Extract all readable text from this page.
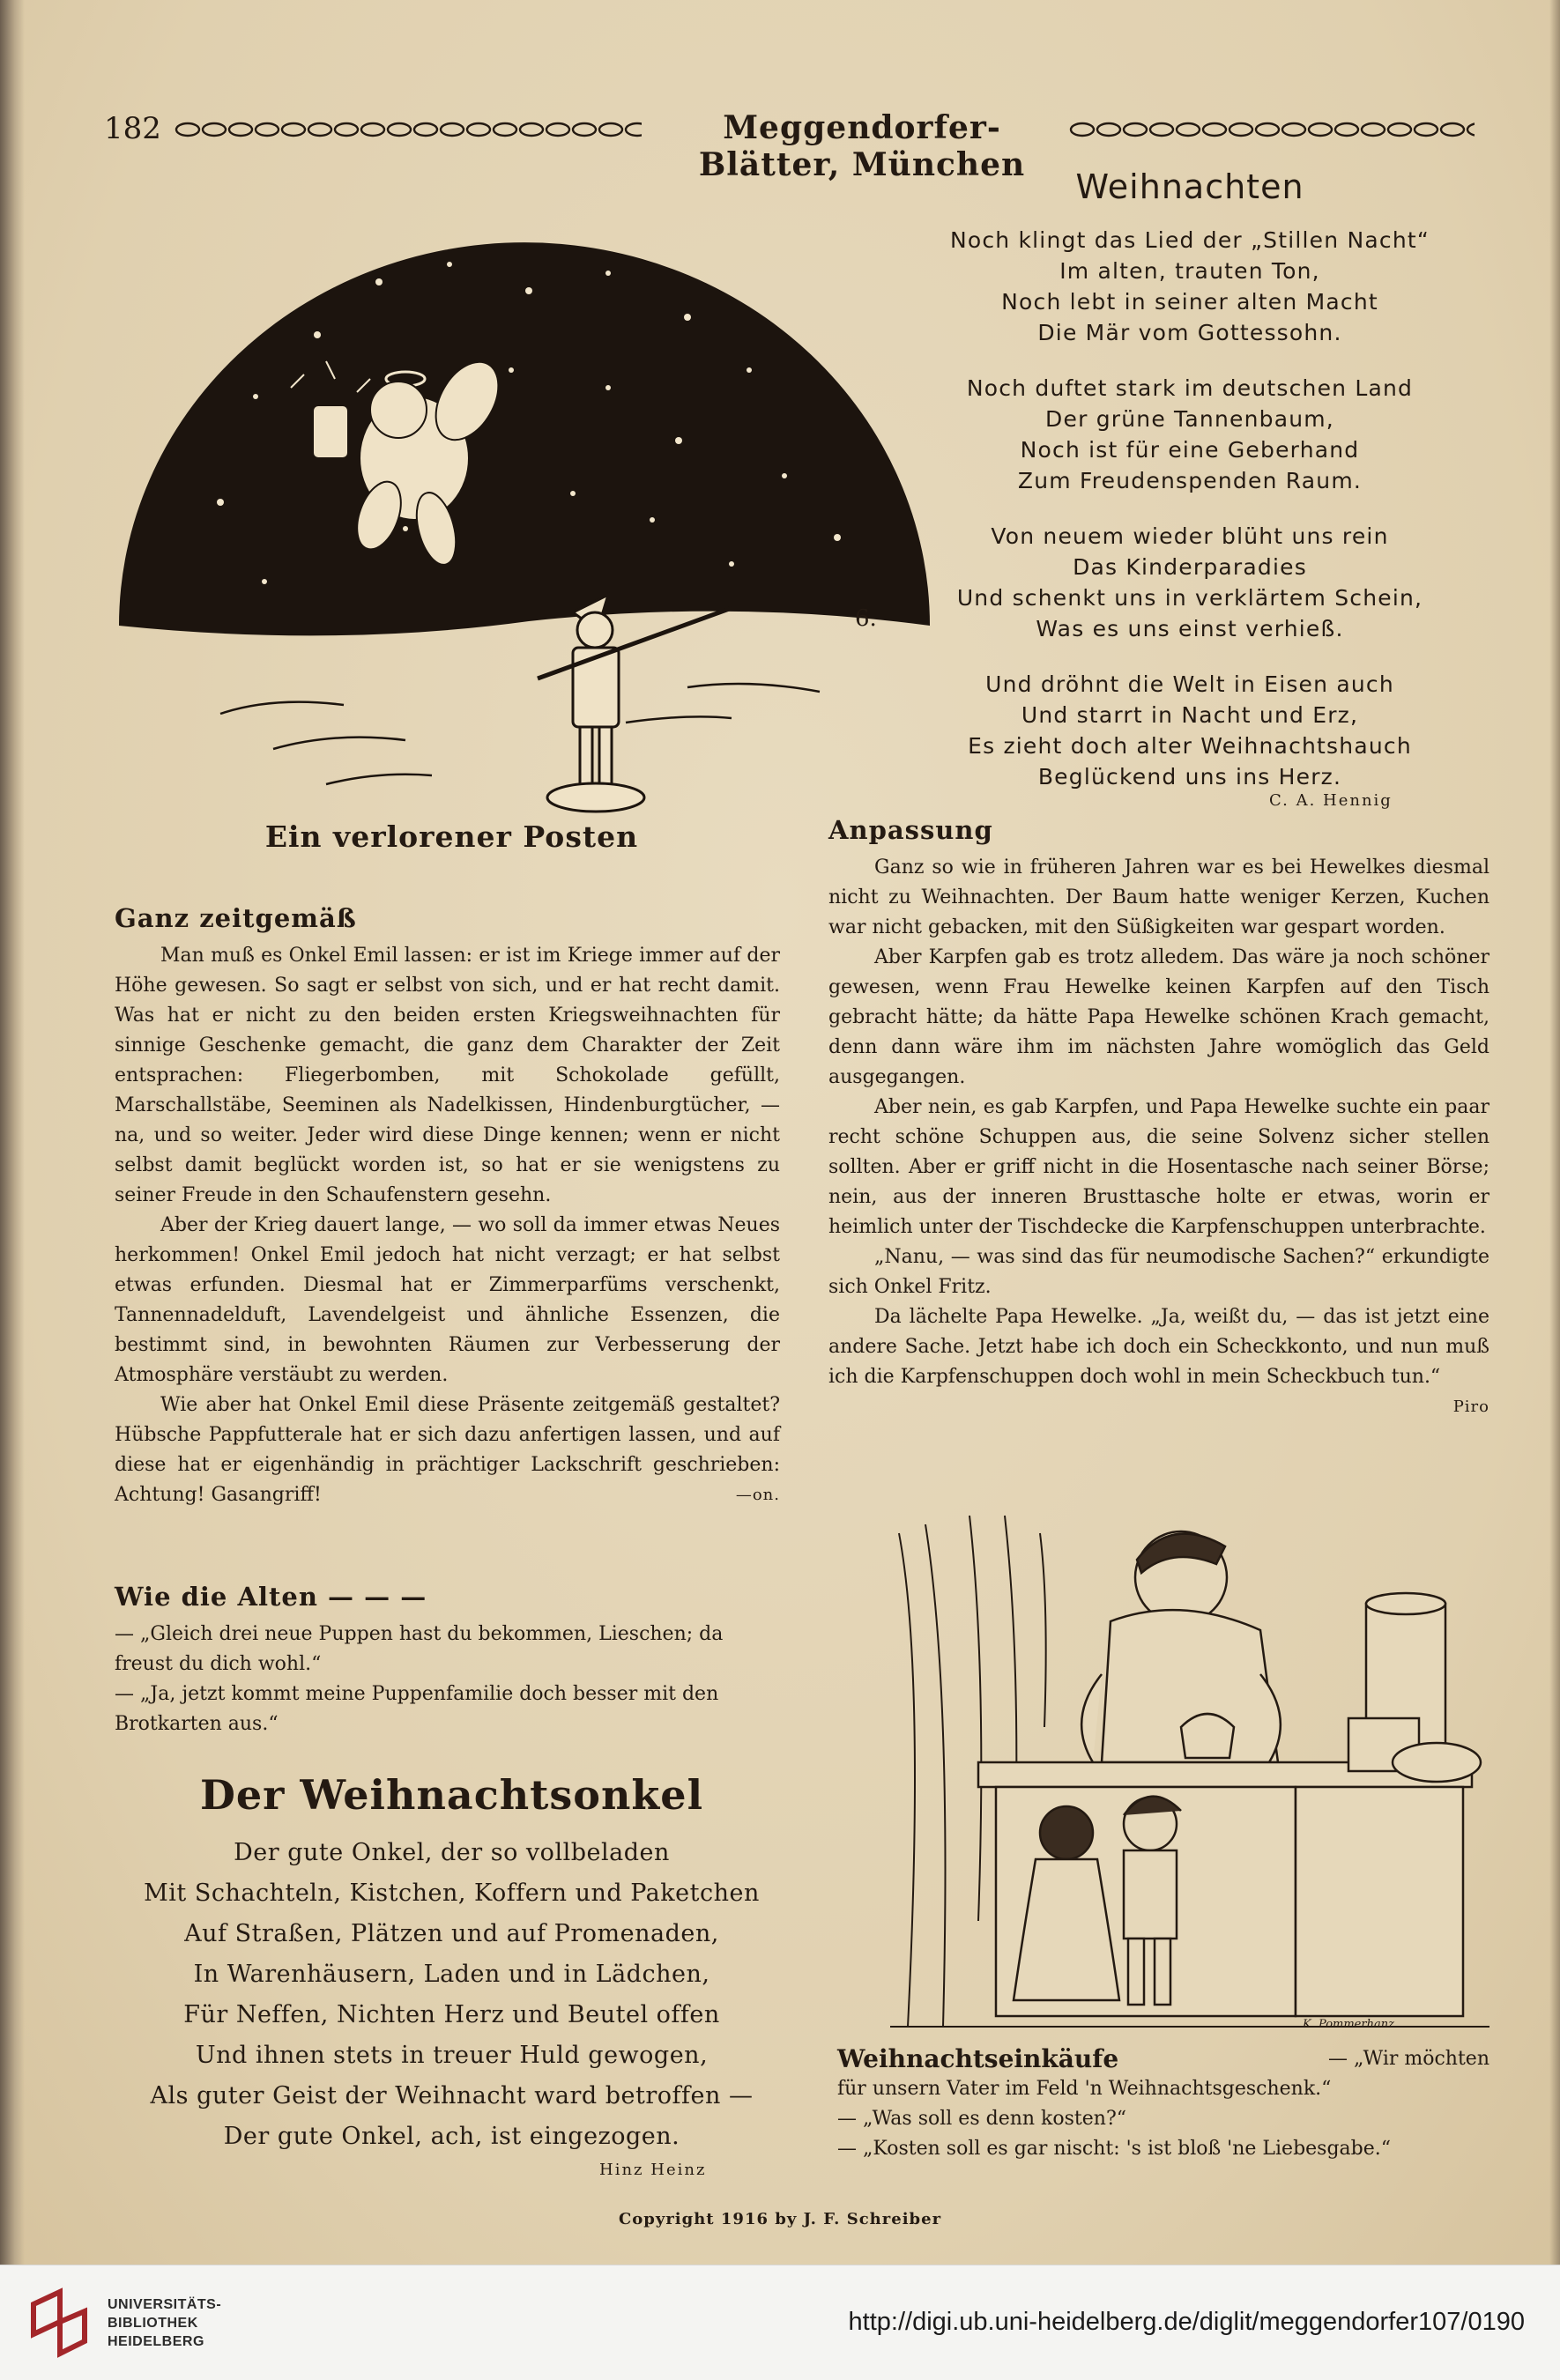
182	Meggendorfer-Blätter, München
6.
Ein verlorener Posten
Weihnachten
Noch klingt das Lied der „Stillen Nacht“
Im alten, trauten Ton,
Noch lebt in seiner alten Macht
Die Mär vom Gottessohn.
Noch duftet stark im deutschen Land
Der grüne Tannenbaum,
Noch ist für eine Geberhand
Zum Freudenspenden Raum.
Von neuem wieder blüht uns rein
Das Kinderparadies
Und schenkt uns in verklärtem Schein,
Was es uns einst verhieß.
Und dröhnt die Welt in Eisen auch
Und starrt in Nacht und Erz,
Es zieht doch alter Weihnachtshauch
Beglückend uns ins Herz.
C. A. Hennig
Ganz zeitgemäß

Man muß es Onkel Emil lassen: er ist im Kriege immer auf der Höhe gewesen. So sagt er selbst von sich, und er hat recht damit. Was hat er nicht zu den beiden ersten Kriegsweihnachten für sinnige Geschenke gemacht, die ganz dem Charakter der Zeit entsprachen: Fliegerbomben, mit Schokolade gefüllt, Marschallstäbe, Seeminen als Nadelkissen, Hindenburgtücher, — na, und so weiter. Jeder wird diese Dinge kennen; wenn er nicht selbst damit beglückt worden ist, so hat er sie wenigstens zu seiner Freude in den Schaufenstern gesehn.

Aber der Krieg dauert lange, — wo soll da immer etwas Neues herkommen! Onkel Emil jedoch hat nicht verzagt; er hat selbst etwas erfunden. Diesmal hat er Zimmerparfüms verschenkt, Tannennadelduft, Lavendelgeist und ähnliche Essenzen, die bestimmt sind, in bewohnten Räumen zur Verbesserung der Atmosphäre verstäubt zu werden.

Wie aber hat Onkel Emil diese Präsente zeitgemäß gestaltet? Hübsche Pappfutterale hat er sich dazu anfertigen lassen, und auf diese hat er eigenhändig in prächtiger Lackschrift geschrieben: Achtung! Gasangriff!	—on.

Wie die Alten — — —
— „Gleich drei neue Puppen hast du bekommen, Lieschen; da freust du dich wohl.“
— „Ja, jetzt kommt meine Puppenfamilie doch besser mit den Brotkarten aus.“
Der Weihnachtsonkel
Der gute Onkel, der so vollbeladen
Mit Schachteln, Kistchen, Koffern und Paketchen
Auf Straßen, Plätzen und auf Promenaden,
In Warenhäusern, Laden und in Lädchen,
Für Neffen, Nichten Herz und Beutel offen
Und ihnen stets in treuer Huld gewogen,
Als guter Geist der Weihnacht ward betroffen —
Der gute Onkel, ach, ist eingezogen.
Hinz Heinz
Anpassung

Ganz so wie in früheren Jahren war es bei Hewelkes diesmal nicht zu Weihnachten. Der Baum hatte weniger Kerzen, Kuchen war nicht gebacken, mit den Süßigkeiten war gespart worden.

Aber Karpfen gab es trotz alledem. Das wäre ja noch schöner gewesen, wenn Frau Hewelke keinen Karpfen auf den Tisch gebracht hätte; da hätte Papa Hewelke schönen Krach gemacht, denn dann wäre ihm im nächsten Jahre womöglich das Geld ausgegangen.

Aber nein, es gab Karpfen, und Papa Hewelke suchte ein paar recht schöne Schuppen aus, die seine Solvenz sicher stellen sollten. Aber er griff nicht in die Hosentasche nach seiner Börse; nein, aus der inneren Brusttasche holte er etwas, worin er heimlich unter der Tischdecke die Karpfenschuppen unterbrachte.

„Nanu, — was sind das für neumodische Sachen?“ erkundigte sich Onkel Fritz.

Da lächelte Papa Hewelke. „Ja, weißt du, — das ist jetzt eine andere Sache. Jetzt habe ich doch ein Scheckkonto, und nun muß ich die Karpfenschuppen doch wohl in mein Scheckbuch tun.“
Piro

K. Pommerhanz
Weihnachtseinkäufe	— „Wir möchten
für unsern Vater im Feld 'n Weihnachtsgeschenk.“
— „Was soll es denn kosten?“
— „Kosten soll es gar nischt: 's ist bloß 'ne Liebesgabe.“
Copyright 1916 by J. F. Schreiber
UNIVERSITÄTS-
BIBLIOTHEK
HEIDELBERG
http://digi.ub.uni-heidelberg.de/diglit/meggendorfer107/0190
